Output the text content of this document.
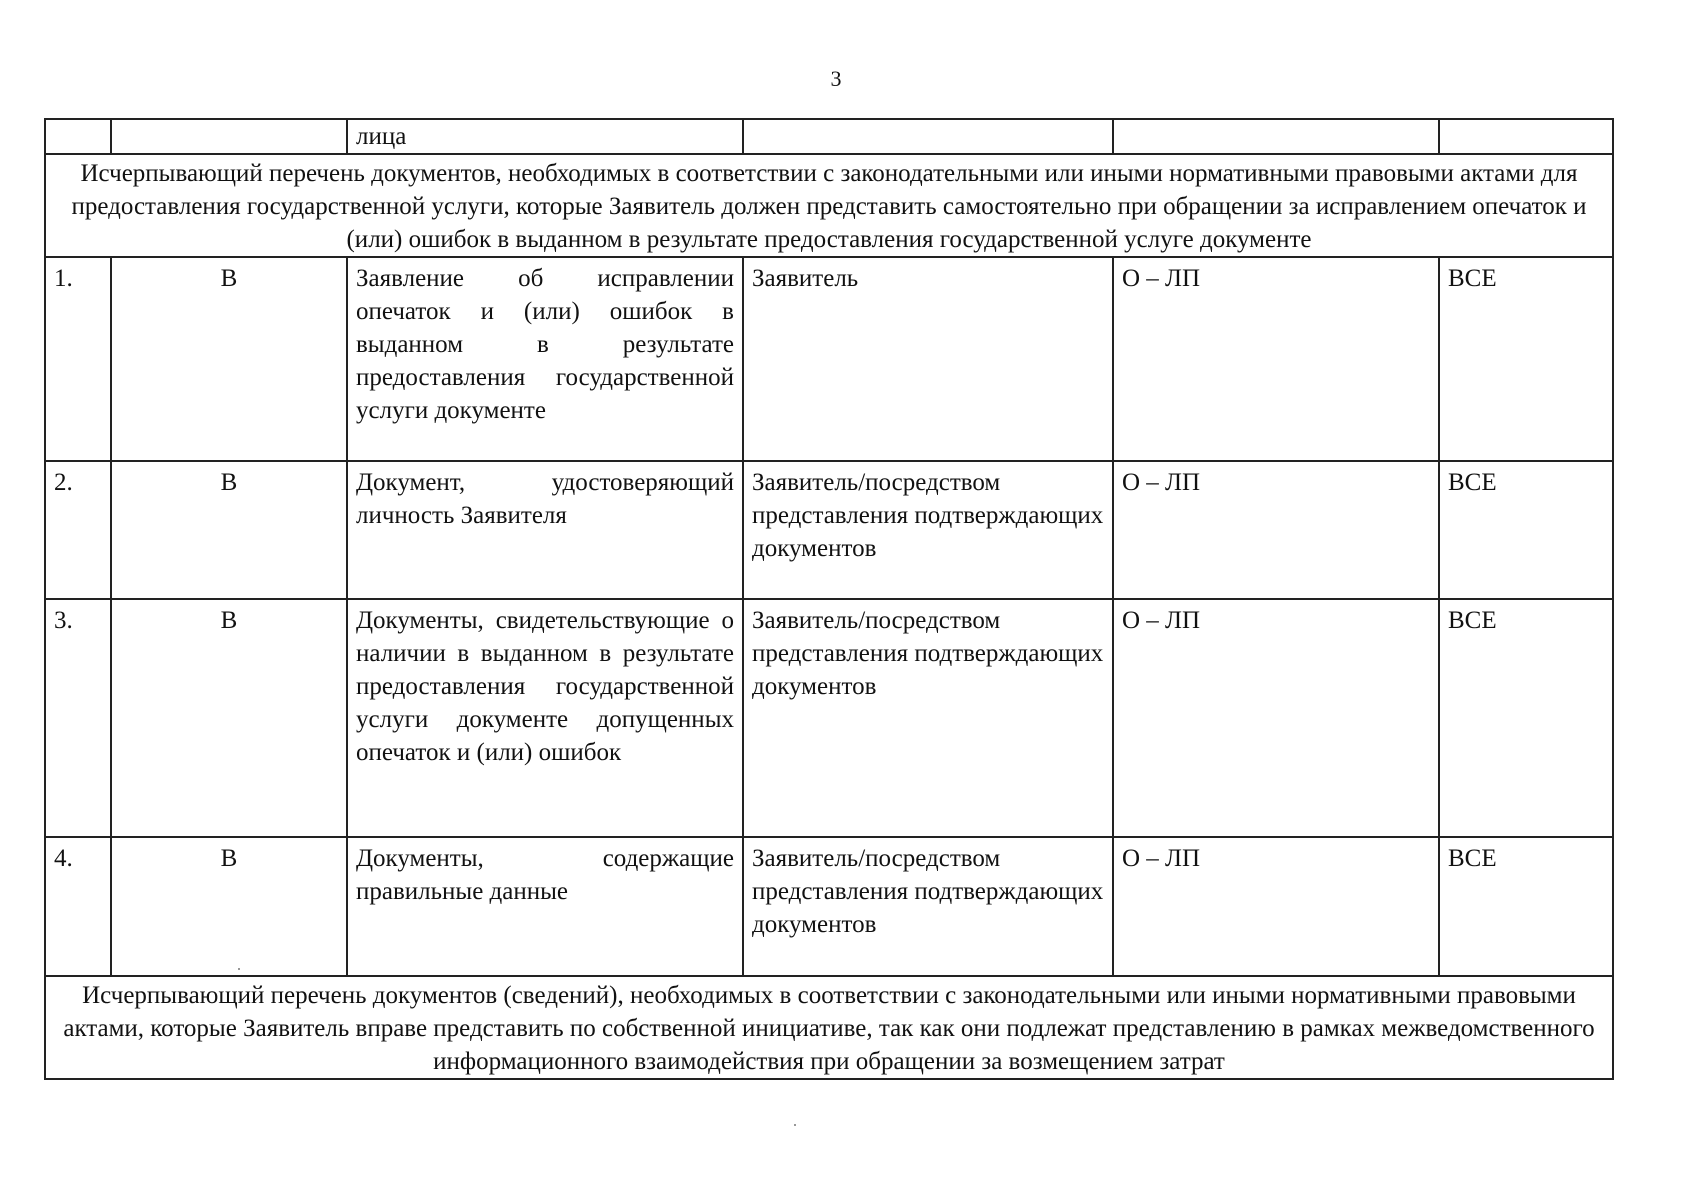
3
		лица			
Исчерпывающий перечень документов, необходимых в соответствии с законодательными или иными нормативными правовыми актами для предоставления государственной услуги, которые Заявитель должен представить самостоятельно при обращении за исправлением опечаток и (или) ошибок в выданном в результате предоставления государственной услуге документе					
1.	В	Заявление об исправлении опечаток и (или) ошибок в выданном в результате предоставления государственной услуги документе	Заявитель	О – ЛП	ВСЕ
2.	В	Документ, удостоверяющий личность Заявителя	Заявитель/посредством представления подтверждающих документов	О – ЛП	ВСЕ
3.	В	Документы, свидетельствующие о наличии в выданном в результате предоставления государственной услуги документе допущенных опечаток и (или) ошибок	Заявитель/посредством представления подтверждающих документов	О – ЛП	ВСЕ
4.	В	Документы, содержащие правильные данные	Заявитель/посредством представления подтверждающих документов	О – ЛП	ВСЕ
Исчерпывающий перечень документов (сведений), необходимых в соответствии с законодательными или иными нормативными правовыми актами, которые Заявитель вправе представить по собственной инициативе, так как они подлежат представлению в рамках межведомственного информационного взаимодействия при обращении за возмещением затрат					
